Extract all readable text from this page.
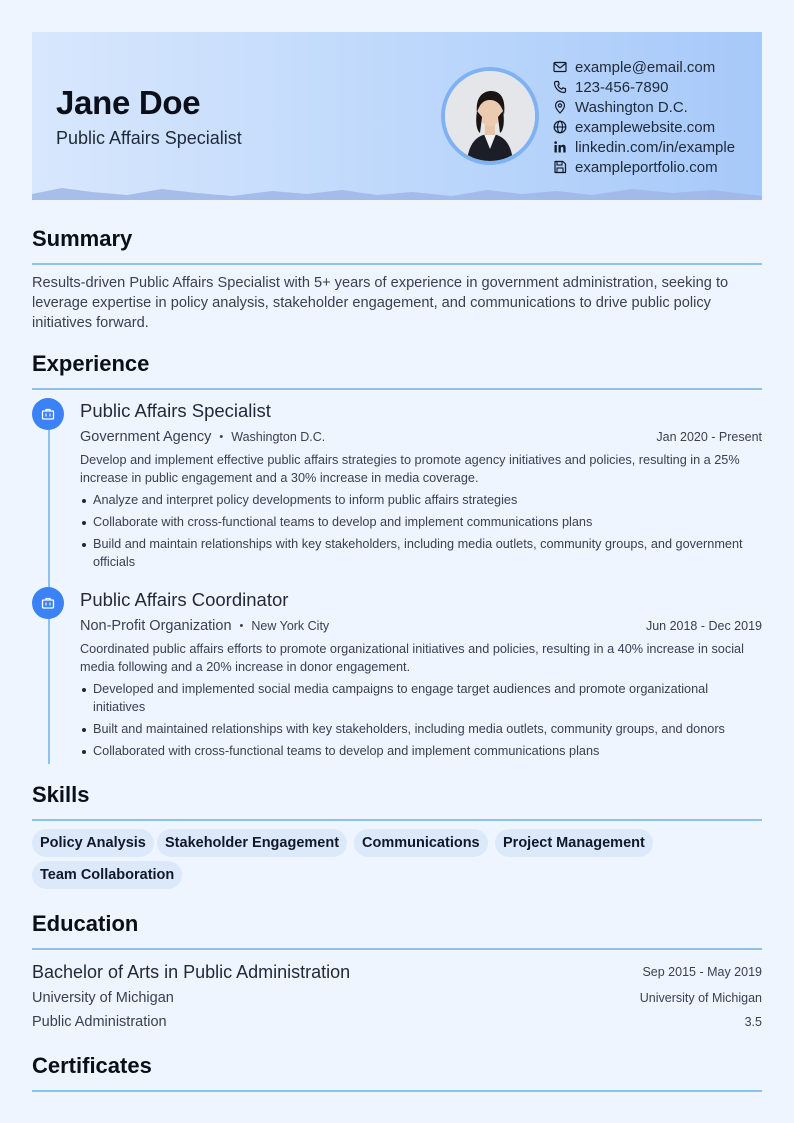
Jane Doe
Public Affairs Specialist
example@email.com
123-456-7890
Washington D.C.
examplewebsite.com
linkedin.com/in/example
exampleportfolio.com
Summary
Results-driven Public Affairs Specialist with 5+ years of experience in government administration, seeking to leverage expertise in policy analysis, stakeholder engagement, and communications to drive public policy initiatives forward.
Experience
Public Affairs Specialist
Government Agency • Washington D.C.	Jan 2020 - Present
Develop and implement effective public affairs strategies to promote agency initiatives and policies, resulting in a 25% increase in public engagement and a 30% increase in media coverage.
Analyze and interpret policy developments to inform public affairs strategies
Collaborate with cross-functional teams to develop and implement communications plans
Build and maintain relationships with key stakeholders, including media outlets, community groups, and government officials
Public Affairs Coordinator
Non-Profit Organization • New York City	Jun 2018 - Dec 2019
Coordinated public affairs efforts to promote organizational initiatives and policies, resulting in a 40% increase in social media following and a 20% increase in donor engagement.
Developed and implemented social media campaigns to engage target audiences and promote organizational initiatives
Built and maintained relationships with key stakeholders, including media outlets, community groups, and donors
Collaborated with cross-functional teams to develop and implement communications plans
Skills
Policy Analysis	Stakeholder Engagement	Communications	Project Management
Team Collaboration
Education
Bachelor of Arts in Public Administration	Sep 2015 - May 2019
University of Michigan	University of Michigan
Public Administration	3.5
Certificates
